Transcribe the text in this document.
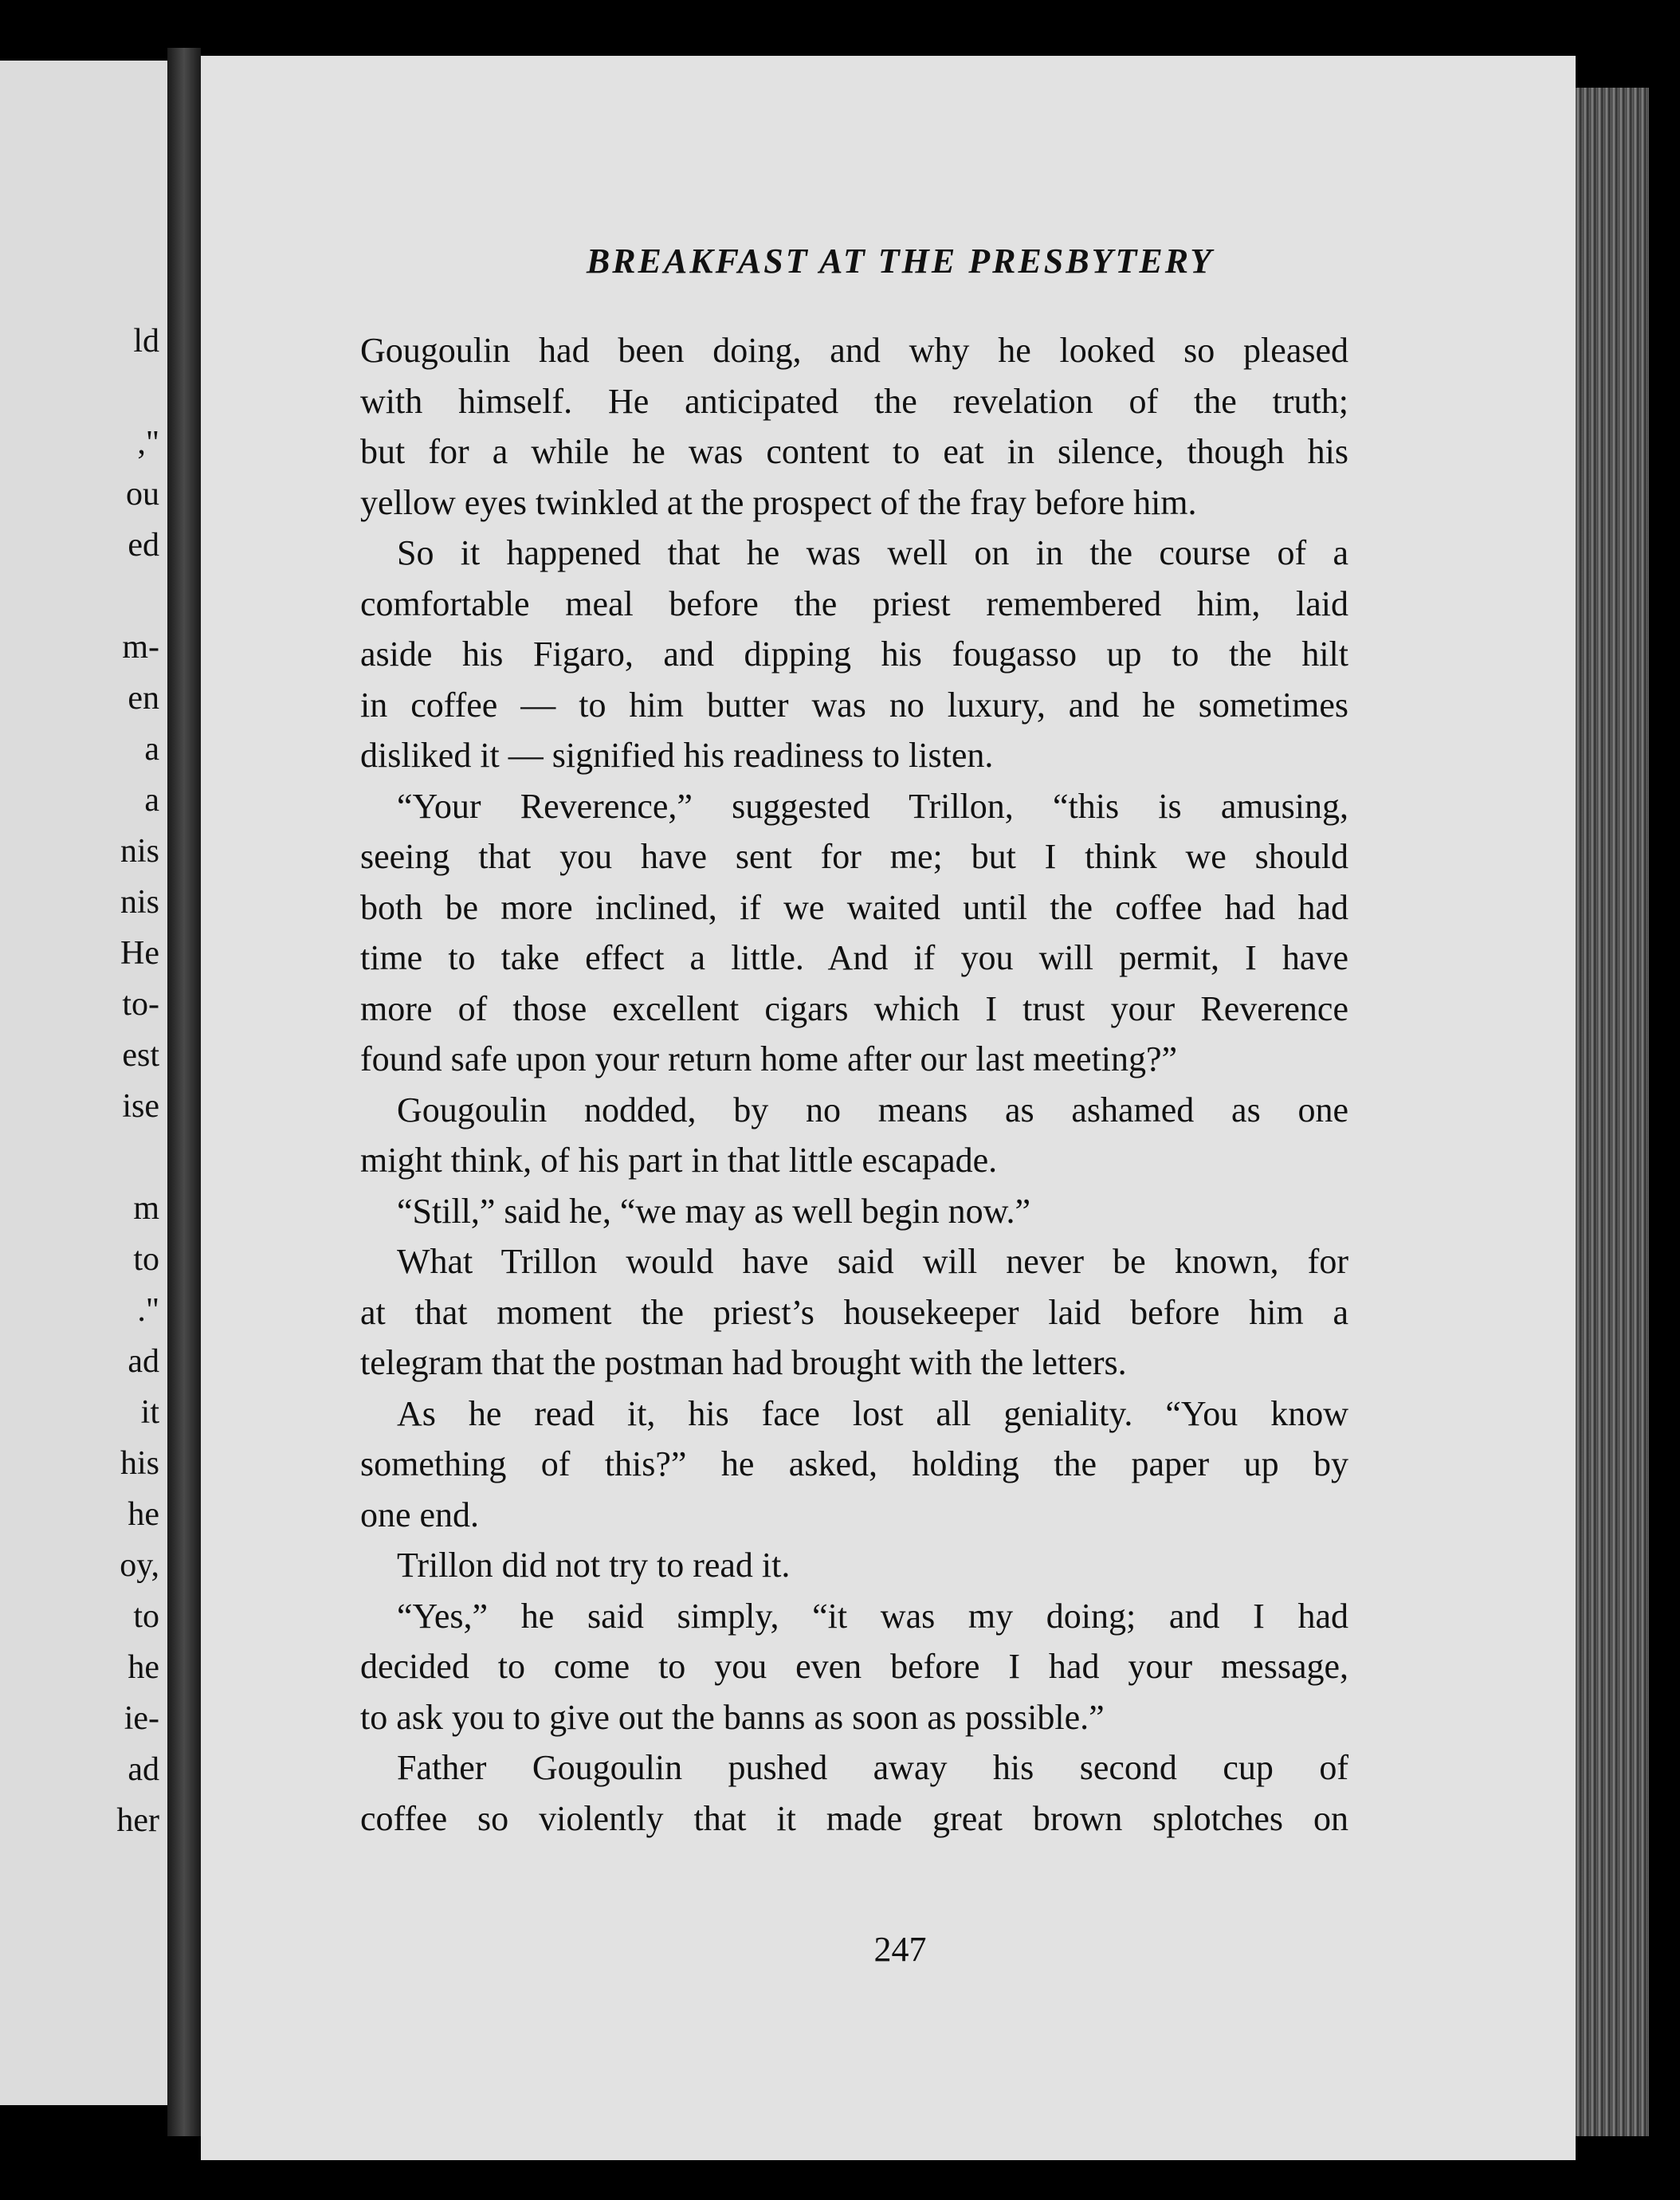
ld

,"
ou
ed

m-
en
a
a
nis
nis
He
to-
est
ise

m
to
."
ad
it
his
he
oy,
to
he
ie-
ad
her
BREAKFAST AT THE PRESBYTERY
Gougoulin had been doing, and why he looked so pleased
with himself. He anticipated the revelation of the truth;
but for a while he was content to eat in silence, though his
yellow eyes twinkled at the prospect of the fray before him.
So it happened that he was well on in the course of a
comfortable meal before the priest remembered him, laid
aside his Figaro, and dipping his fougasso up to the hilt
in coffee — to him butter was no luxury, and he sometimes
disliked it — signified his readiness to listen.
“Your Reverence,” suggested Trillon, “this is amusing,
seeing that you have sent for me; but I think we should
both be more inclined, if we waited until the coffee had had
time to take effect a little. And if you will permit, I have
more of those excellent cigars which I trust your Reverence
found safe upon your return home after our last meeting?”
Gougoulin nodded, by no means as ashamed as one
might think, of his part in that little escapade.
“Still,” said he, “we may as well begin now.”
What Trillon would have said will never be known, for
at that moment the priest’s housekeeper laid before him a
telegram that the postman had brought with the letters.
As he read it, his face lost all geniality. “You know
something of this?” he asked, holding the paper up by
one end.
Trillon did not try to read it.
“Yes,” he said simply, “it was my doing; and I had
decided to come to you even before I had your message,
to ask you to give out the banns as soon as possible.”
Father Gougoulin pushed away his second cup of
coffee so violently that it made great brown splotches on
247
